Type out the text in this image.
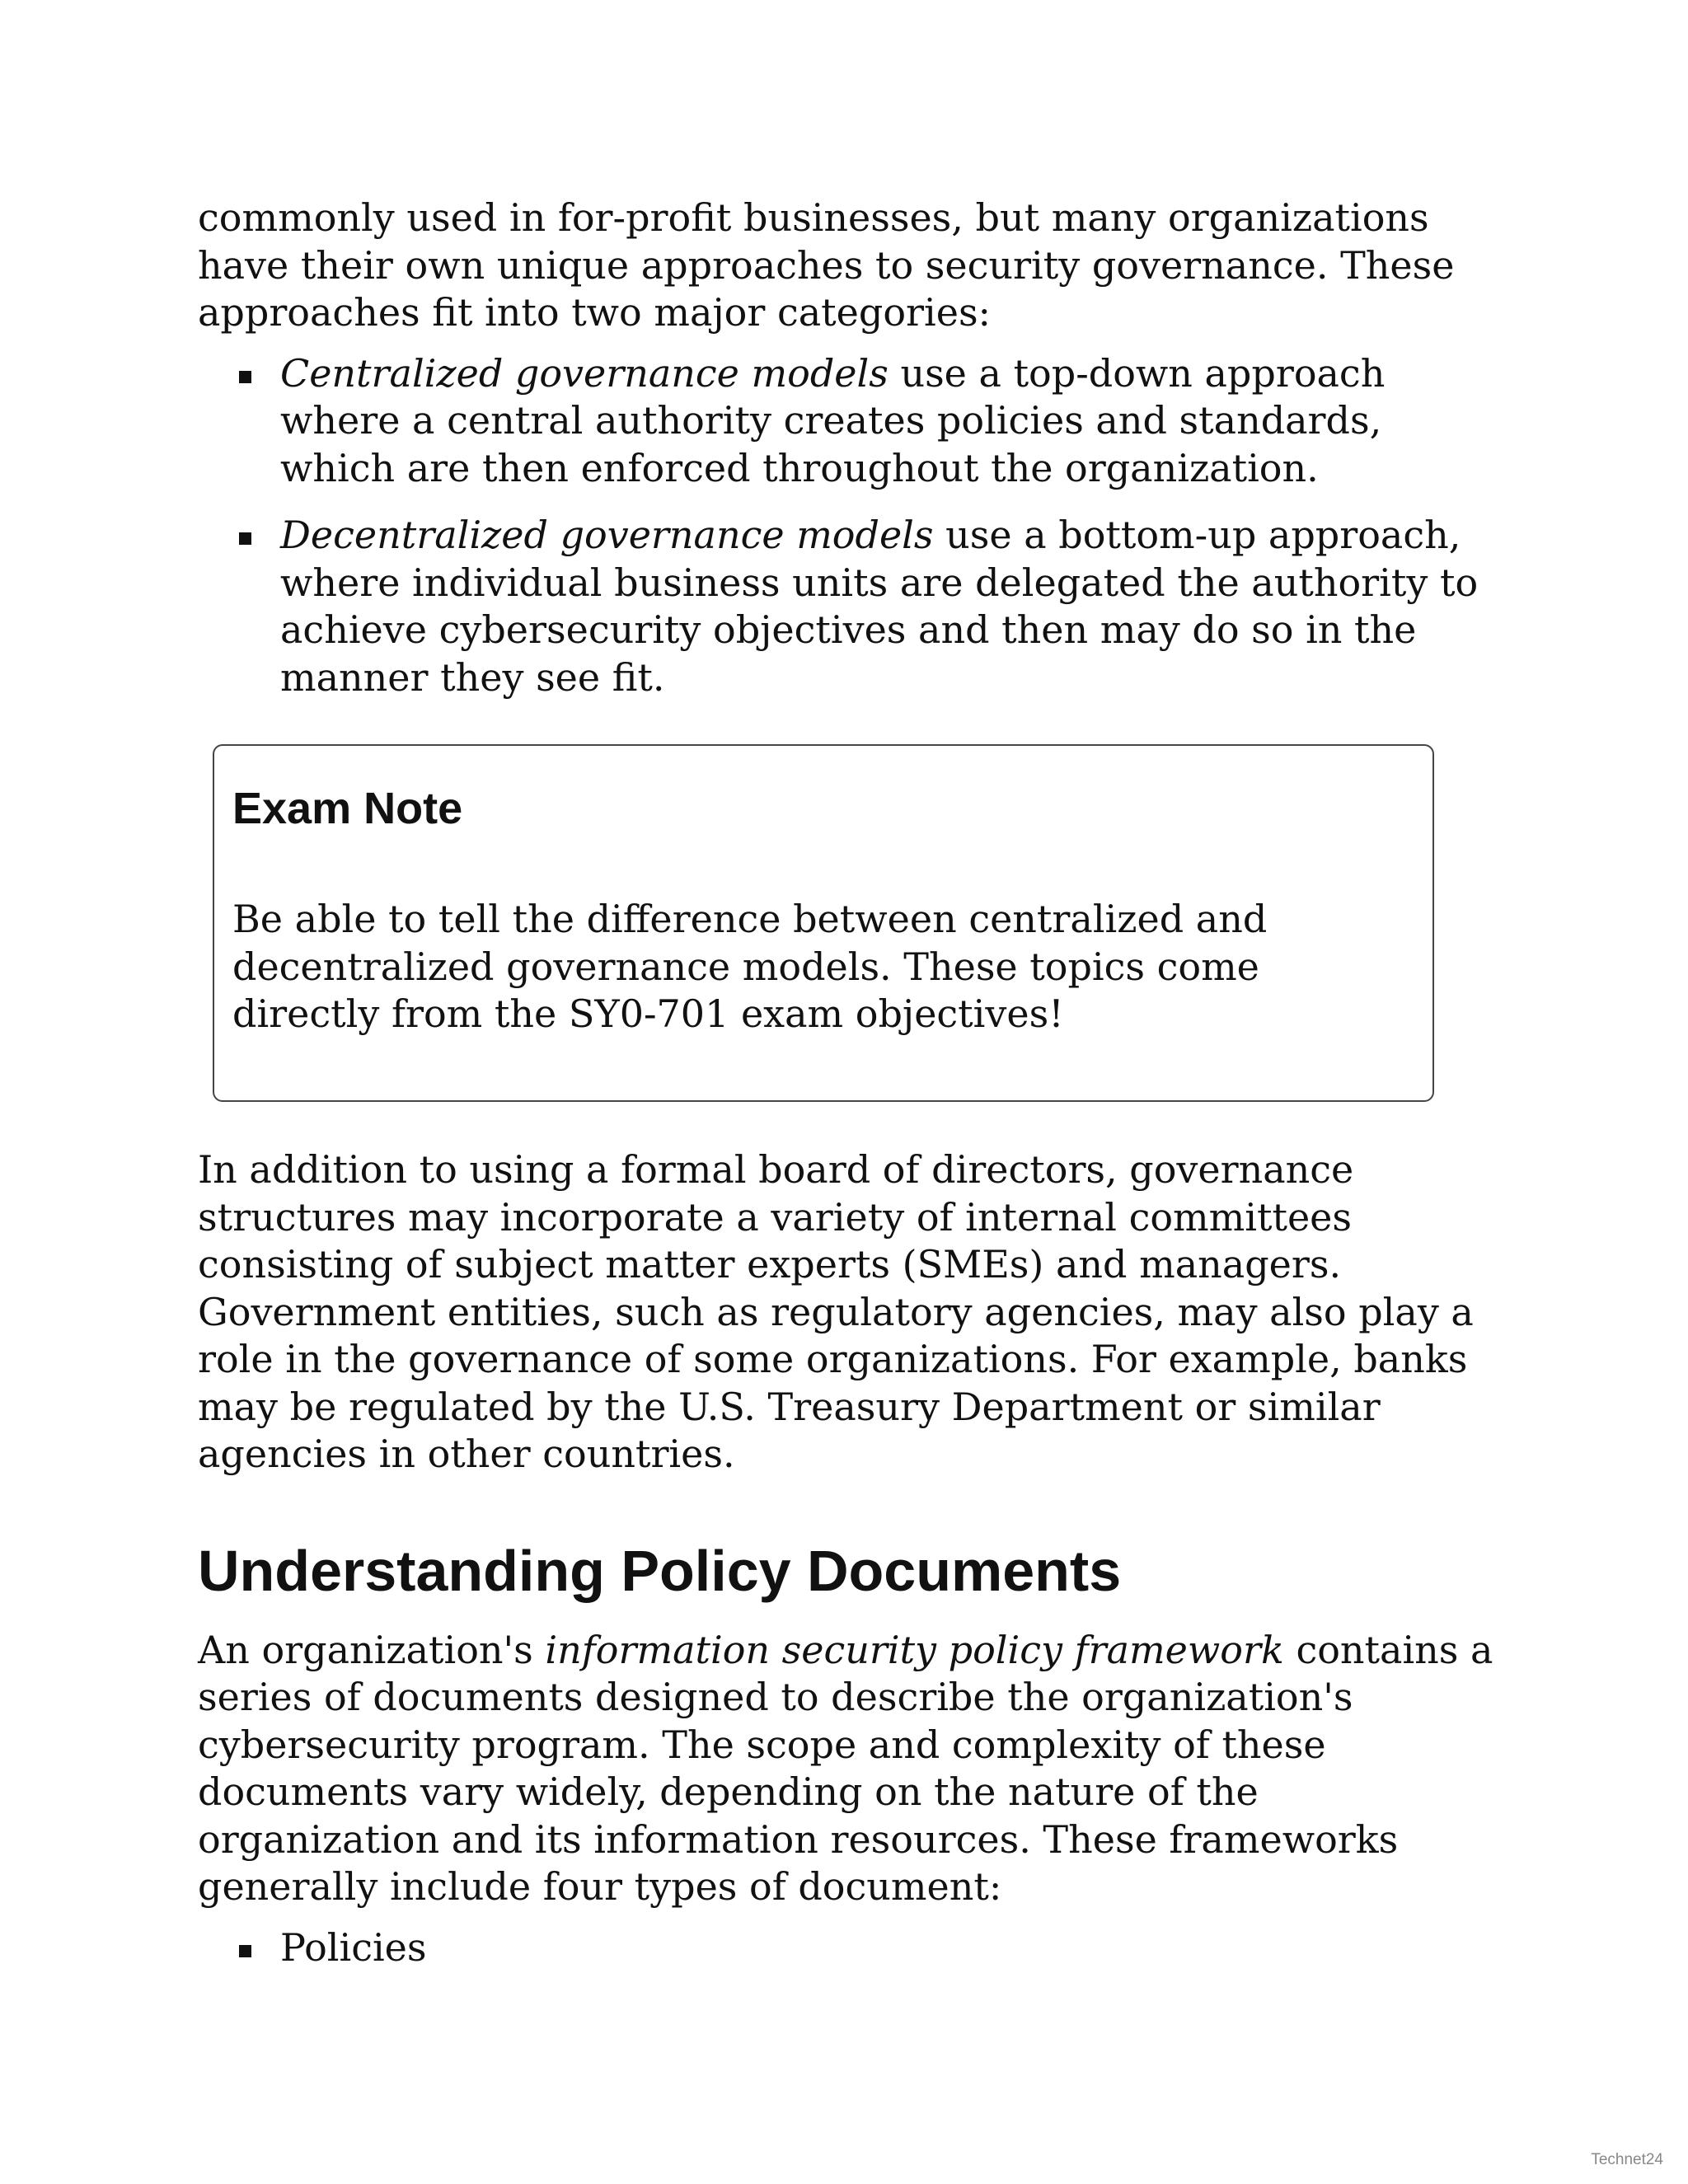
commonly used in for-profit businesses, but many organizations have their own unique approaches to security governance. These approaches fit into two major categories:

Centralized governance models use a top-down approach where a central authority creates policies and standards, which are then enforced throughout the organization.
Decentralized governance models use a bottom-up approach, where individual business units are delegated the authority to achieve cybersecurity objectives and then may do so in the manner they see fit.
Exam Note

Be able to tell the difference between centralized and decentralized governance models. These topics come directly from the SY0-701 exam objectives!

In addition to using a formal board of directors, governance structures may incorporate a variety of internal committees consisting of subject matter experts (SMEs) and managers. Government entities, such as regulatory agencies, may also play a role in the governance of some organizations. For example, banks may be regulated by the U.S. Treasury Department or similar agencies in other countries.

Understanding Policy Documents

An organization's information security policy framework contains a series of documents designed to describe the organization's cybersecurity program. The scope and complexity of these documents vary widely, depending on the nature of the organization and its information resources. These frameworks generally include four types of document:

Policies
Technet24
